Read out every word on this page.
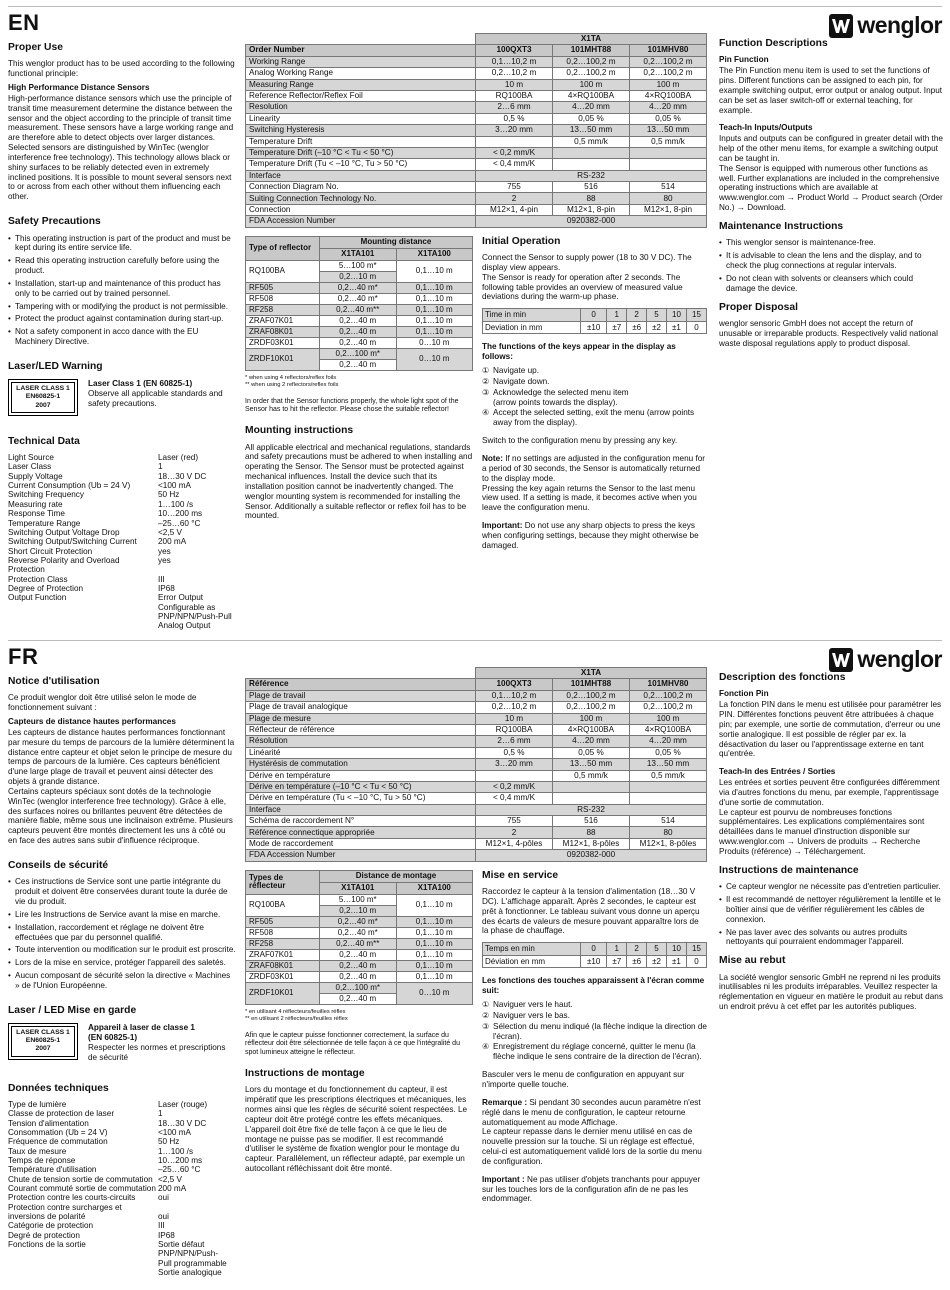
EN	wenglor
Proper Use

This wenglor product has to be used according to the following functional principle:

High Performance Distance Sensors

High-performance distance sensors which use the principle of transit time measurement determine the distance between the sensor and the object according to the principle of transit time measurement. These sensors have a large working range and are therefore able to detect objects over larger distances. Selected sensors are distinguished by WinTec (wenglor interference free technology). This technology allows black or shiny surfaces to be reliably detected even in extremely inclined positions. It is possible to mount several sensors next to or across from each other without them influencing each other.

Safety Precautions
• This operating instruction is part of the product and must be kept during its entire service life.
• Read this operating instruction carefully before using the product.
• Installation, start-up and maintenance of this product has only to be carried out by trained personnel.
• Tampering with or modifying the product is not permissible.
• Protect the product against contamination during start-up.
• Not a safety component in acco dance with the EU Machinery Directive.
Laser/LED Warning
LASER CLASS 1
EN60825-1
2007
Laser Class 1 (EN 60825-1)
Observe all applicable standards and safety precautions.
Technical Data
Light Source	Laser (red)
Laser Class	1
Supply Voltage	18…30 V DC
Current Consumption (Ub = 24 V)	<100 mA
Switching Frequency	50 Hz
Measuring rate	1…100 /s
Response Time	10…200 ms
Temperature Range	–25…60 °C
Switching Output Voltage Drop	<2,5 V
Switching Output/Switching Current	200 mA
Short Circuit Protection	yes
Reverse Polarity and Overload Protection	yes
Protection Class	III
Degree of Protection	IP68
Output Function	Error Output
Configurable as
PNP/NPN/Push-Pull
Analog Output
	X1TA		
Order Number	100QXT3	101MHT88	101MHV80
Working Range	0,1…10,2 m	0,2…100,2 m	0,2…100,2 m
Analog Working Range	0,2…10,2 m	0,2…100,2 m	0,2…100,2 m
Measuring Range	10 m	100 m	100 m
Reference Reflector/Reflex Foil	RQ100BA	4×RQ100BA	4×RQ100BA
Resolution	2…6 mm	4…20 mm	4…20 mm
Linearity	0,5 %	0,05 %	0,05 %
Switching Hysteresis	3…20 mm	13…50 mm	13…50 mm
Temperature Drift		0,5 mm/k	0,5 mm/k
Temperature Drift (–10 °C < Tu < 50 °C)	< 0,2 mm/K		
Temperature Drift (Tu < –10 °C, Tu > 50 °C)	< 0,4 mm/K		
Interface	RS-232		
Connection Diagram No.	755	516	514
Suiting Connection Technology No.	2	88	80
Connection	M12×1, 4-pin	M12×1, 8-pin	M12×1, 8-pin
FDA Accession Number	0920382-000		
Type of reflector	Mounting distance	
	X1TA101	X1TA100
RQ100BA	5…100 m*	0,1…10 m
	0,2…10 m	
RF505	0,2…40 m*	0,1…10 m
RF508	0,2…40 m*	0,1…10 m
RF258	0,2…40 m**	0,1…10 m
ZRAF07K01	0,2…40 m	0,1…10 m
ZRAF08K01	0,2…40 m	0,1…10 m
ZRDF03K01	0,2…40 m	0…10 m
ZRDF10K01	0,2…100 m*	0…10 m
	0,2…40 m	
* when using 4 reflectors/reflex foils
** when using 2 reflectors/reflex foils
In order that the Sensor functions properly, the whole light spot of the Sensor has to hit the reflector. Please chose the suitable reflector!
Mounting instructions

All applicable electrical and mechanical regulations, standards and safety precautions must be adhered to when installing and operating the Sensor. The Sensor must be protected against mechanical influences. Install the device such that its installation position cannot be inadvertently changed. The wenglor mounting system is recommended for installing the Sensor. Additionally a suitable reflector or reflex foil has to be mounted.

Initial Operation

Connect the Sensor to supply power (18 to 30 V DC). The display view appears.
The Sensor is ready for operation after 2 seconds. The following table provides an overview of measured value deviations during the warm-up phase.

Time in min	0	1	2	5	10	15
Deviation in mm	±10	±7	±6	±2	±1	0

The functions of the keys appear in the display as follows:

① Navigate up.
② Navigate down.
③ Acknowledge the selected menu item
(arrow points towards the display).
④ Accept the selected setting, exit the menu (arrow points away from the display).

Switch to the configuration menu by pressing any key.

Note: If no settings are adjusted in the configuration menu for a period of 30 seconds, the Sensor is automatically returned to the display mode.
Pressing the key again returns the Sensor to the last menu view used. If a setting is made, it becomes active when you leave the configuration menu.

Important: Do not use any sharp objects to press the keys when configuring settings, because they might otherwise be damaged.

Function Descriptions
Pin Function

The Pin Function menu item is used to set the functions of pins. Different functions can be assigned to each pin, for example switching output, error output or analog output. Input can be set as laser switch-off or external teaching, for example.

Teach-In Inputs/Outputs

Inputs and outputs can be configured in greater detail with the help of the other menu items, for example a switching output can be taught in.
The Sensor is equipped with numerous other functions as well. Further explanations are included in the comprehensive operating instructions which are available at
www.wenglor.com → Product World → Product search (Order No.) → Download.

Maintenance Instructions
• This wenglor sensor is maintenance-free.
• It is advisable to clean the lens and the display, and to check the plug connections at regular intervals.
• Do not clean with solvents or cleansers which could damage the device.
Proper Disposal

wenglor sensoric GmbH does not accept the return of unusable or irreparable products. Respectively valid national waste disposal regulations apply to product disposal.

FR	wenglor
Notice d'utilisation

Ce produit wenglor doit être utilisé selon le mode de fonctionnement suivant :

Capteurs de distance hautes performances

Les capteurs de distance hautes performances fonctionnant par mesure du temps de parcours de la lumière déterminent la distance entre capteur et objet selon le principe de mesure du temps de parcours de la lumière. Ces capteurs bénéficient d'une large plage de travail et peuvent ainsi détecter des objets à grande distance.
Certains capteurs spéciaux sont dotés de la technologie WinTec (wenglor interference free technology). Grâce à elle, des surfaces noires ou brillantes peuvent être détectées de manière fiable, même sous une inclinaison extrême. Plusieurs capteurs peuvent être montés directement les uns à côté ou en face des autres sans subir d'influence réciproque.

Conseils de sécurité
• Ces instructions de Service sont une partie intégrante du produit et doivent être conservées durant toute la durée de vie du produit.
• Lire les Instructions de Service avant la mise en marche.
• Installation, raccordement et réglage ne doivent être effectuées que par du personnel qualifié.
• Toute intervention ou modification sur le produit est proscrite.
• Lors de la mise en service, protéger l'appareil des saletés.
• Aucun composant de sécurité selon la directive « Machines » de l'Union Européenne.
Laser / LED Mise en garde
LASER CLASS 1
EN60825-1
2007
Appareil à laser de classe 1
(EN 60825-1)
Respecter les normes et prescriptions de sécurité
Données techniques
Type de lumière	Laser (rouge)
Classe de protection de laser	1
Tension d'alimentation	18…30 V DC
Consommation (Ub = 24 V)	<100 mA
Fréquence de commutation	50 Hz
Taux de mesure	1…100 /s
Temps de réponse	10…200 ms
Température d'utilisation	–25…60 °C
Chute de tension sortie de commutation	<2,5 V
Courant commuté sortie de commutation	200 mA
Protection contre les courts-circuits	oui
Protection contre surcharges et
inversions de polarité	
oui
Catégorie de protection	III
Degré de protection	IP68
Fonctions de la sortie	Sortie défaut
PNP/NPN/Push-
Pull programmable
Sortie analogique
	X1TA		
Référence	100QXT3	101MHT88	101MHV80
Plage de travail	0,1…10,2 m	0,2…100,2 m	0,2…100,2 m
Plage de travail analogique	0,2…10,2 m	0,2…100,2 m	0,2…100,2 m
Plage de mesure	10 m	100 m	100 m
Réflecteur de référence	RQ100BA	4×RQ100BA	4×RQ100BA
Résolution	2…6 mm	4…20 mm	4…20 mm
Linéarité	0,5 %	0,05 %	0,05 %
Hystérésis de commutation	3…20 mm	13…50 mm	13…50 mm
Dérive en température		0,5 mm/k	0,5 mm/k
Dérive en température (–10 °C < Tu < 50 °C)	< 0,2 mm/K		
Dérive en température (Tu < –10 °C, Tu > 50 °C)	< 0,4 mm/K		
Interface	RS-232		
Schéma de raccordement N°	755	516	514
Référence connectique appropriée	2	88	80
Mode de raccordement	M12×1, 4-pôles	M12×1, 8-pôles	M12×1, 8-pôles
FDA Accession Number	0920382-000		
Types de
réflecteur	Distance de montage	
	X1TA101	X1TA100
RQ100BA	5…100 m*	0,1…10 m
	0,2…10 m	
RF505	0,2…40 m*	0,1…10 m
RF508	0,2…40 m*	0,1…10 m
RF258	0,2…40 m**	0,1…10 m
ZRAF07K01	0,2…40 m	0,1…10 m
ZRAF08K01	0,2…40 m	0,1…10 m
ZRDF03K01	0,2…40 m	0,1…10 m
ZRDF10K01	0,2…100 m*	0…10 m
	0,2…40 m	
* en utilisant 4 réflecteurs/feuilles réflex
** en utilisant 2 réflecteurs/feuilles réflex
Afin que le capteur puisse fonctionner correctement, la surface du réflecteur doit être sélectionnée de telle façon à ce que l'intégralité du spot lumineux atteigne le réflecteur.
Instructions de montage

Lors du montage et du fonctionnement du capteur, il est impératif que les prescriptions électriques et mécaniques, les normes ainsi que les règles de sécurité soient respectées. Le capteur doit être protégé contre les effets mécaniques. L'appareil doit être fixé de telle façon à ce que le lieu de montage ne puisse pas se modifier. Il est recommandé d'utiliser le système de fixation wenglor pour le montage du capteur. Parallèlement, un réflecteur adapté, par exemple un autocollant réfléchissant doit être monté.

Mise en service

Raccordez le capteur à la tension d'alimentation (18…30 V DC). L'affichage apparaît. Après 2 secondes, le capteur est prêt à fonctionner. Le tableau suivant vous donne un aperçu des écarts de valeurs de mesure pouvant apparaître lors de la phase de chauffage.

Temps en min	0	1	2	5	10	15
Déviation en mm	±10	±7	±6	±2	±1	0

Les fonctions des touches apparaissent à l'écran comme suit:

① Naviguer vers le haut.
② Naviguer vers le bas.
③ Sélection du menu indiqué (la flèche indique la direction de l'écran).
④ Enregistrement du réglage concerné, quitter le menu (la flèche indique le sens contraire de la direction de l'écran).

Basculer vers le menu de configuration en appuyant sur n'importe quelle touche.

Remarque : Si pendant 30 secondes aucun paramètre n'est réglé dans le menu de configuration, le capteur retourne automatiquement au mode Affichage.
Le capteur repasse dans le dernier menu utilisé en cas de nouvelle pression sur la touche. Si un réglage est effectué, celui-ci est automatiquement validé lors de la sortie du menu de configuration.

Important : Ne pas utiliser d'objets tranchants pour appuyer sur les touches lors de la configuration afin de ne pas les endommager.

Description des fonctions
Fonction Pin

La fonction PIN dans le menu est utilisée pour paramétrer les PIN. Différentes fonctions peuvent être attribuées à chaque pin; par exemple, une sortie de commutation, d'erreur ou une sortie analogique. Il est possible de régler par ex. la désactivation du laser ou l'apprentissage externe en tant qu'entrée.

Teach-In des Entrées / Sorties

Les entrées et sorties peuvent être configurées différemment via d'autres fonctions du menu, par exemple, l'apprentissage d'une sortie de commutation.
Le capteur est pourvu de nombreuses fonctions supplémentaires. Les explications complémentaires sont détaillées dans le manuel d'instruction disponible sur www.wenglor.com → Univers de produits → Recherche Produits (référence) → Téléchargement.

Instructions de maintenance
• Ce capteur wenglor ne nécessite pas d'entretien particulier.
• Il est recommandé de nettoyer régulièrement la lentille et le boîtier ainsi que de vérifier régulièrement les câbles de connexion.
• Ne pas laver avec des solvants ou autres produits nettoyants qui pourraient endommager l'appareil.
Mise au rebut

La société wenglor sensoric GmbH ne reprend ni les produits inutilisables ni les produits irréparables. Veuillez respecter la réglementation en vigueur en matière le produit au rebut dans un endroit prévu à cet effet par les autorités publiques.
